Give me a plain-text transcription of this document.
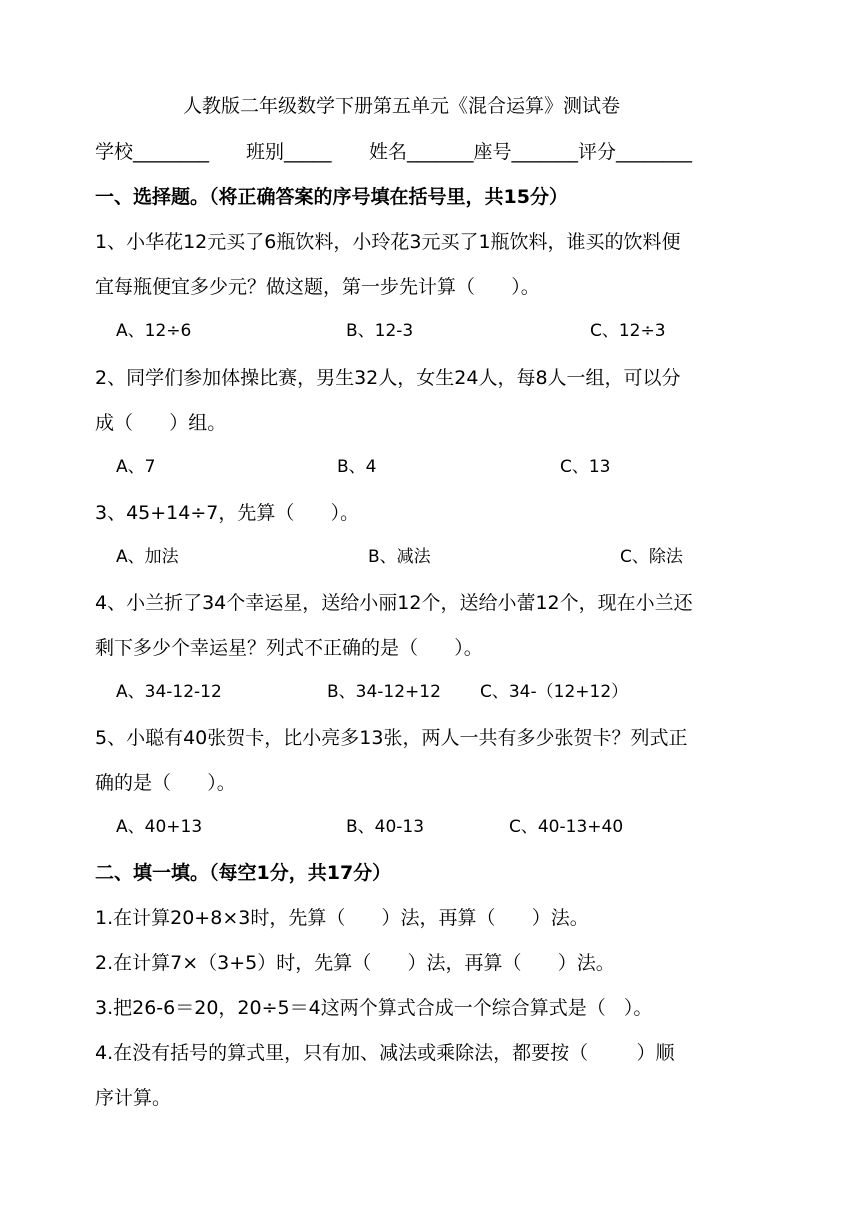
人教版二年级数学下册第五单元《混合运算》测试卷
学校________ 班别_____ 姓名_______座号_______评分________
一、选择题。（将正确答案的序号填在括号里，共15分）
1、小华花12元买了6瓶饮料，小玲花3元买了1瓶饮料，谁买的饮料便
宜每瓶便宜多少元？做这题，第一步先计算（      ）。
A、12÷6	B、12-3	C、12÷3
2、同学们参加体操比赛，男生32人，女生24人，每8人一组，可以分
成（      ）组。
A、7	B、4	C、13
3、45+14÷7，先算（      ）。
A、加法	B、减法	C、除法
4、小兰折了34个幸运星，送给小丽12个，送给小蕾12个，现在小兰还
剩下多少个幸运星？列式不正确的是（      ）。
A、34-12-12	B、34-12+12 C、34-（12+12）
5、小聪有40张贺卡，比小亮多13张，两人一共有多少张贺卡？列式正
确的是（      ）。
A、40+13	B、40-13	C、40-13+40
二、填一填。（每空1分，共17分）
1.在计算20+8×3时，先算（      ）法，再算（      ）法。
2.在计算7×（3+5）时，先算（      ）法，再算（      ）法。
3.把26-6＝20，20÷5＝4这两个算式合成一个综合算式是（   ）。
4.在没有括号的算式里，只有加、减法或乘除法，都要按（        ）顺
序计算。
